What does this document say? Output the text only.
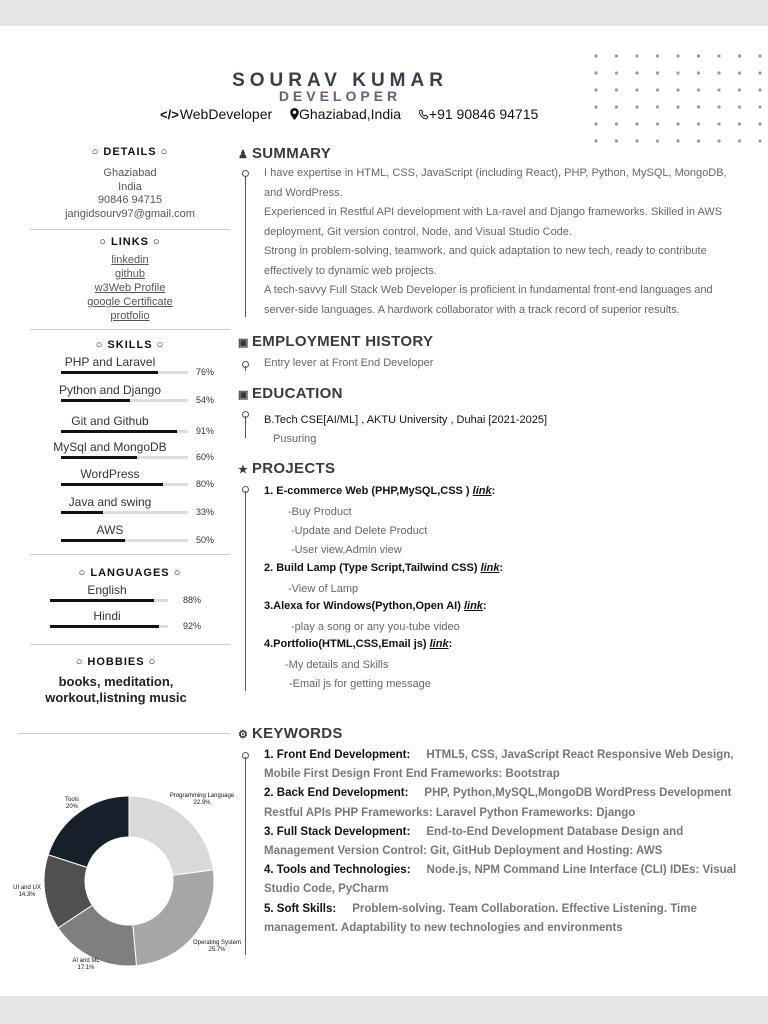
SOURAV KUMAR
DEVELOPER
</>WebDeveloper Ghaziabad,India +91 90846 94715
○ DETAILS ○
Ghaziabad
India
90846 94715
jangidsourv97@gmail.com
○ LINKS ○
linkedin
github
w3Web Profile
google Certificate
protfolio
○ SKILLS ○
○ LANGUAGES ○
○ HOBBIES ○
books, meditation, workout,listning music
Programming Language
22.9%
Operating System
25.7%
AI and ML
17.1%
UI and UX
14.3%
Tools
20%
♟ SUMMARY
I have expertise in HTML, CSS, JavaScript (including React), PHP, Python, MySQL, MongoDB,
and WordPress.
Experienced in Restful API development with La-ravel and Django frameworks. Skilled in AWS
deployment, Git version control, Node, and Visual Studio Code.
Strong in problem-solving, teamwork, and quick adaptation to new tech, ready to contribute
effectively to dynamic web projects.
A tech-savvy Full Stack Web Developer is proficient in fundamental front-end languages and
server-side languages. A hardwork collaborator with a track record of superior results.
▣ EMPLOYMENT HISTORY
Entry lever at Front End Developer
▣ EDUCATION
B.Tech CSE[AI/ML] , AKTU University , Duhai [2021-2025]
Pusuring
★ PROJECTS
⚙ KEYWORDS
1. Front End Development: HTML5, CSS, JavaScript React Responsive Web Design, Mobile First Design Front End Frameworks: Bootstrap
2. Back End Development: PHP, Python,MySQL,MongoDB WordPress Development Restful APIs PHP Frameworks: Laravel Python Frameworks: Django
3. Full Stack Development: End-to-End Development Database Design and Management Version Control: Git, GitHub Deployment and Hosting: AWS
4. Tools and Technologies: Node.js, NPM Command Line Interface (CLI) IDEs: Visual Studio Code, PyCharm
5. Soft Skills: Problem-solving. Team Collaboration. Effective Listening. Time management. Adaptability to new technologies and environments
PHP and Laravel
76%
Python and Django
54%
Git and Github
91%
MySql and MongoDB
60%
WordPress
80%
Java and swing
33%
AWS
50%
English
88%
Hindi
92%
1. E-commerce Web (PHP,MySQL,CSS ) link:
-Buy Product
-Update and Delete Product
-User view,Admin view
2. Build Lamp (Type Script,Tailwind CSS) link:
-View of Lamp
3.Alexa for Windows(Python,Open AI) link:
-play a song or any you-tube video
4.Portfolio(HTML,CSS,Email js) link:
-My details and Skills
-Email js for getting message
